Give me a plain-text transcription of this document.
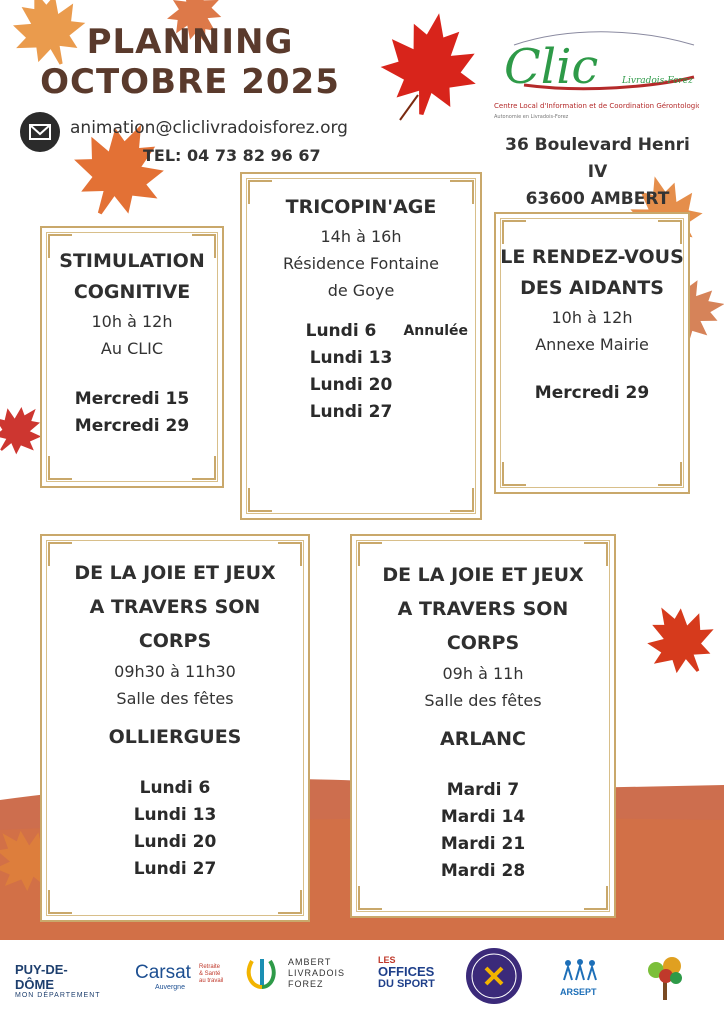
PLANNING
OCTOBRE 2025
animation@cliclivradoisforez.org
TEL: 04 73 82 96 67
Clic	Livradois-Forez
Centre Local d'Information et de Coordination Gérontologique
Autonomie en Livradois-Forez
36 Boulevard Henri IV
63600 AMBERT
STIMULATION
COGNITIVE
10h à 12h
Au CLIC
Mercredi 15
Mercredi 29
TRICOPIN'AGE
14h à 16h
Résidence Fontaine
de Goye
Lundi 6 Annulée
Lundi 13
Lundi 20
Lundi 27
LE RENDEZ-VOUS
DES AIDANTS
10h à 12h
Annexe Mairie
Mercredi 29
DE LA JOIE ET JEUX
A TRAVERS SON
CORPS
09h30 à 11h30
Salle des fêtes
OLLIERGUES
Lundi 6
Lundi 13
Lundi 20
Lundi 27
DE LA JOIE ET JEUX
A TRAVERS SON
CORPS
09h à 11h
Salle des fêtes
ARLANC
Mardi 7
Mardi 14
Mardi 21
Mardi 28
PUY-DE-DÔME
MON DÉPARTEMENT
Carsat Retraite
& Santé
au travail
Auvergne
AMBERT
LIVRADOIS
FOREZ
LES
OFFICES
DU SPORT
ARSEPT
